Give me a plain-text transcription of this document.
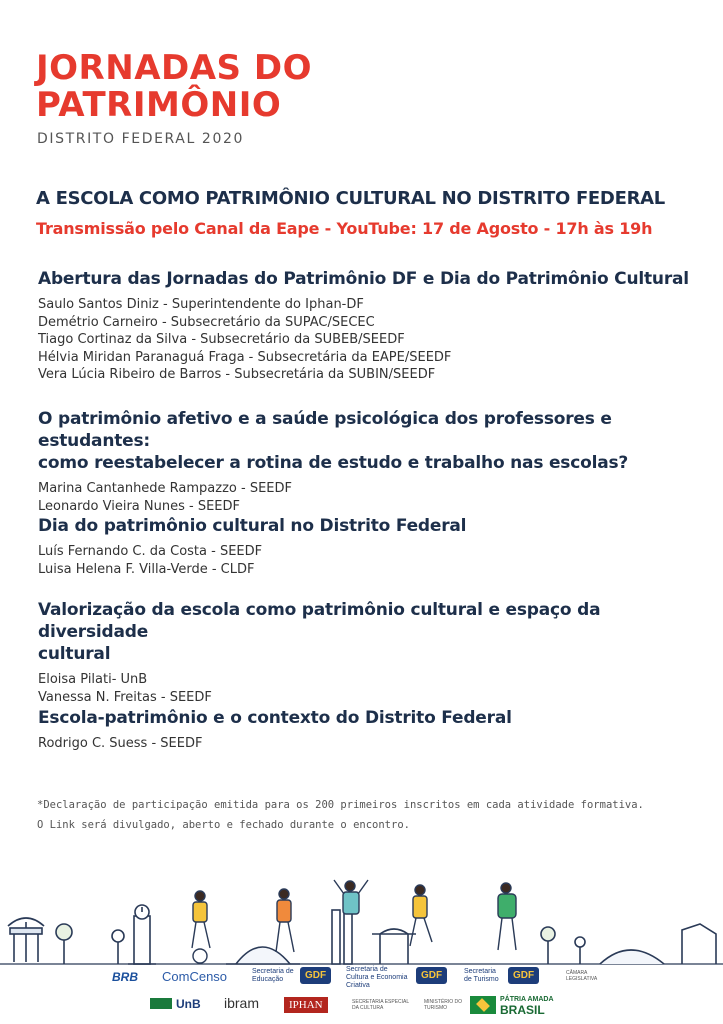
JORNADAS DO
PATRIMÔNIO
DISTRITO FEDERAL 2020
A ESCOLA COMO PATRIMÔNIO CULTURAL NO DISTRITO FEDERAL
Transmissão pelo Canal da Eape - YouTube: 17 de Agosto - 17h às 19h
Abertura das Jornadas do Patrimônio DF e Dia do Patrimônio Cultural
Saulo Santos Diniz - Superintendente do Iphan-DF
Demétrio Carneiro - Subsecretário da SUPAC/SECEC
Tiago Cortinaz da Silva - Subsecretário da SUBEB/SEEDF
Hélvia Miridan Paranaguá Fraga - Subsecretária da EAPE/SEEDF
Vera Lúcia Ribeiro de Barros - Subsecretária da SUBIN/SEEDF
O patrimônio afetivo e a saúde psicológica dos professores e estudantes:
como reestabelecer a rotina de estudo e trabalho nas escolas?
Marina Cantanhede Rampazzo - SEEDF
Leonardo Vieira Nunes - SEEDF
Dia do patrimônio cultural no Distrito Federal
Luís Fernando C. da Costa - SEEDF
Luisa Helena F. Villa-Verde - CLDF
Valorização da escola como patrimônio cultural e espaço da diversidade
cultural
Eloisa Pilati- UnB
Vanessa N. Freitas - SEEDF
Escola-patrimônio e o contexto do Distrito Federal
Rodrigo C. Suess - SEEDF
*Declaração de participação emitida para os 200 primeiros inscritos em cada atividade formativa.
O Link será divulgado, aberto e fechado durante o encontro.
BRB ComCenso	Secretaria de Educação	GDF
Secretaria de Cultura e Economia Criativa
GDF	Secretaria de Turismo	GDF	CÂMARA LEGISLATIVA
UnB ibram	IPHAN	SECRETARIA ESPECIAL DA CULTURA
MINISTÉRIO DO TURISMO
PÁTRIA AMADA
BRASIL
